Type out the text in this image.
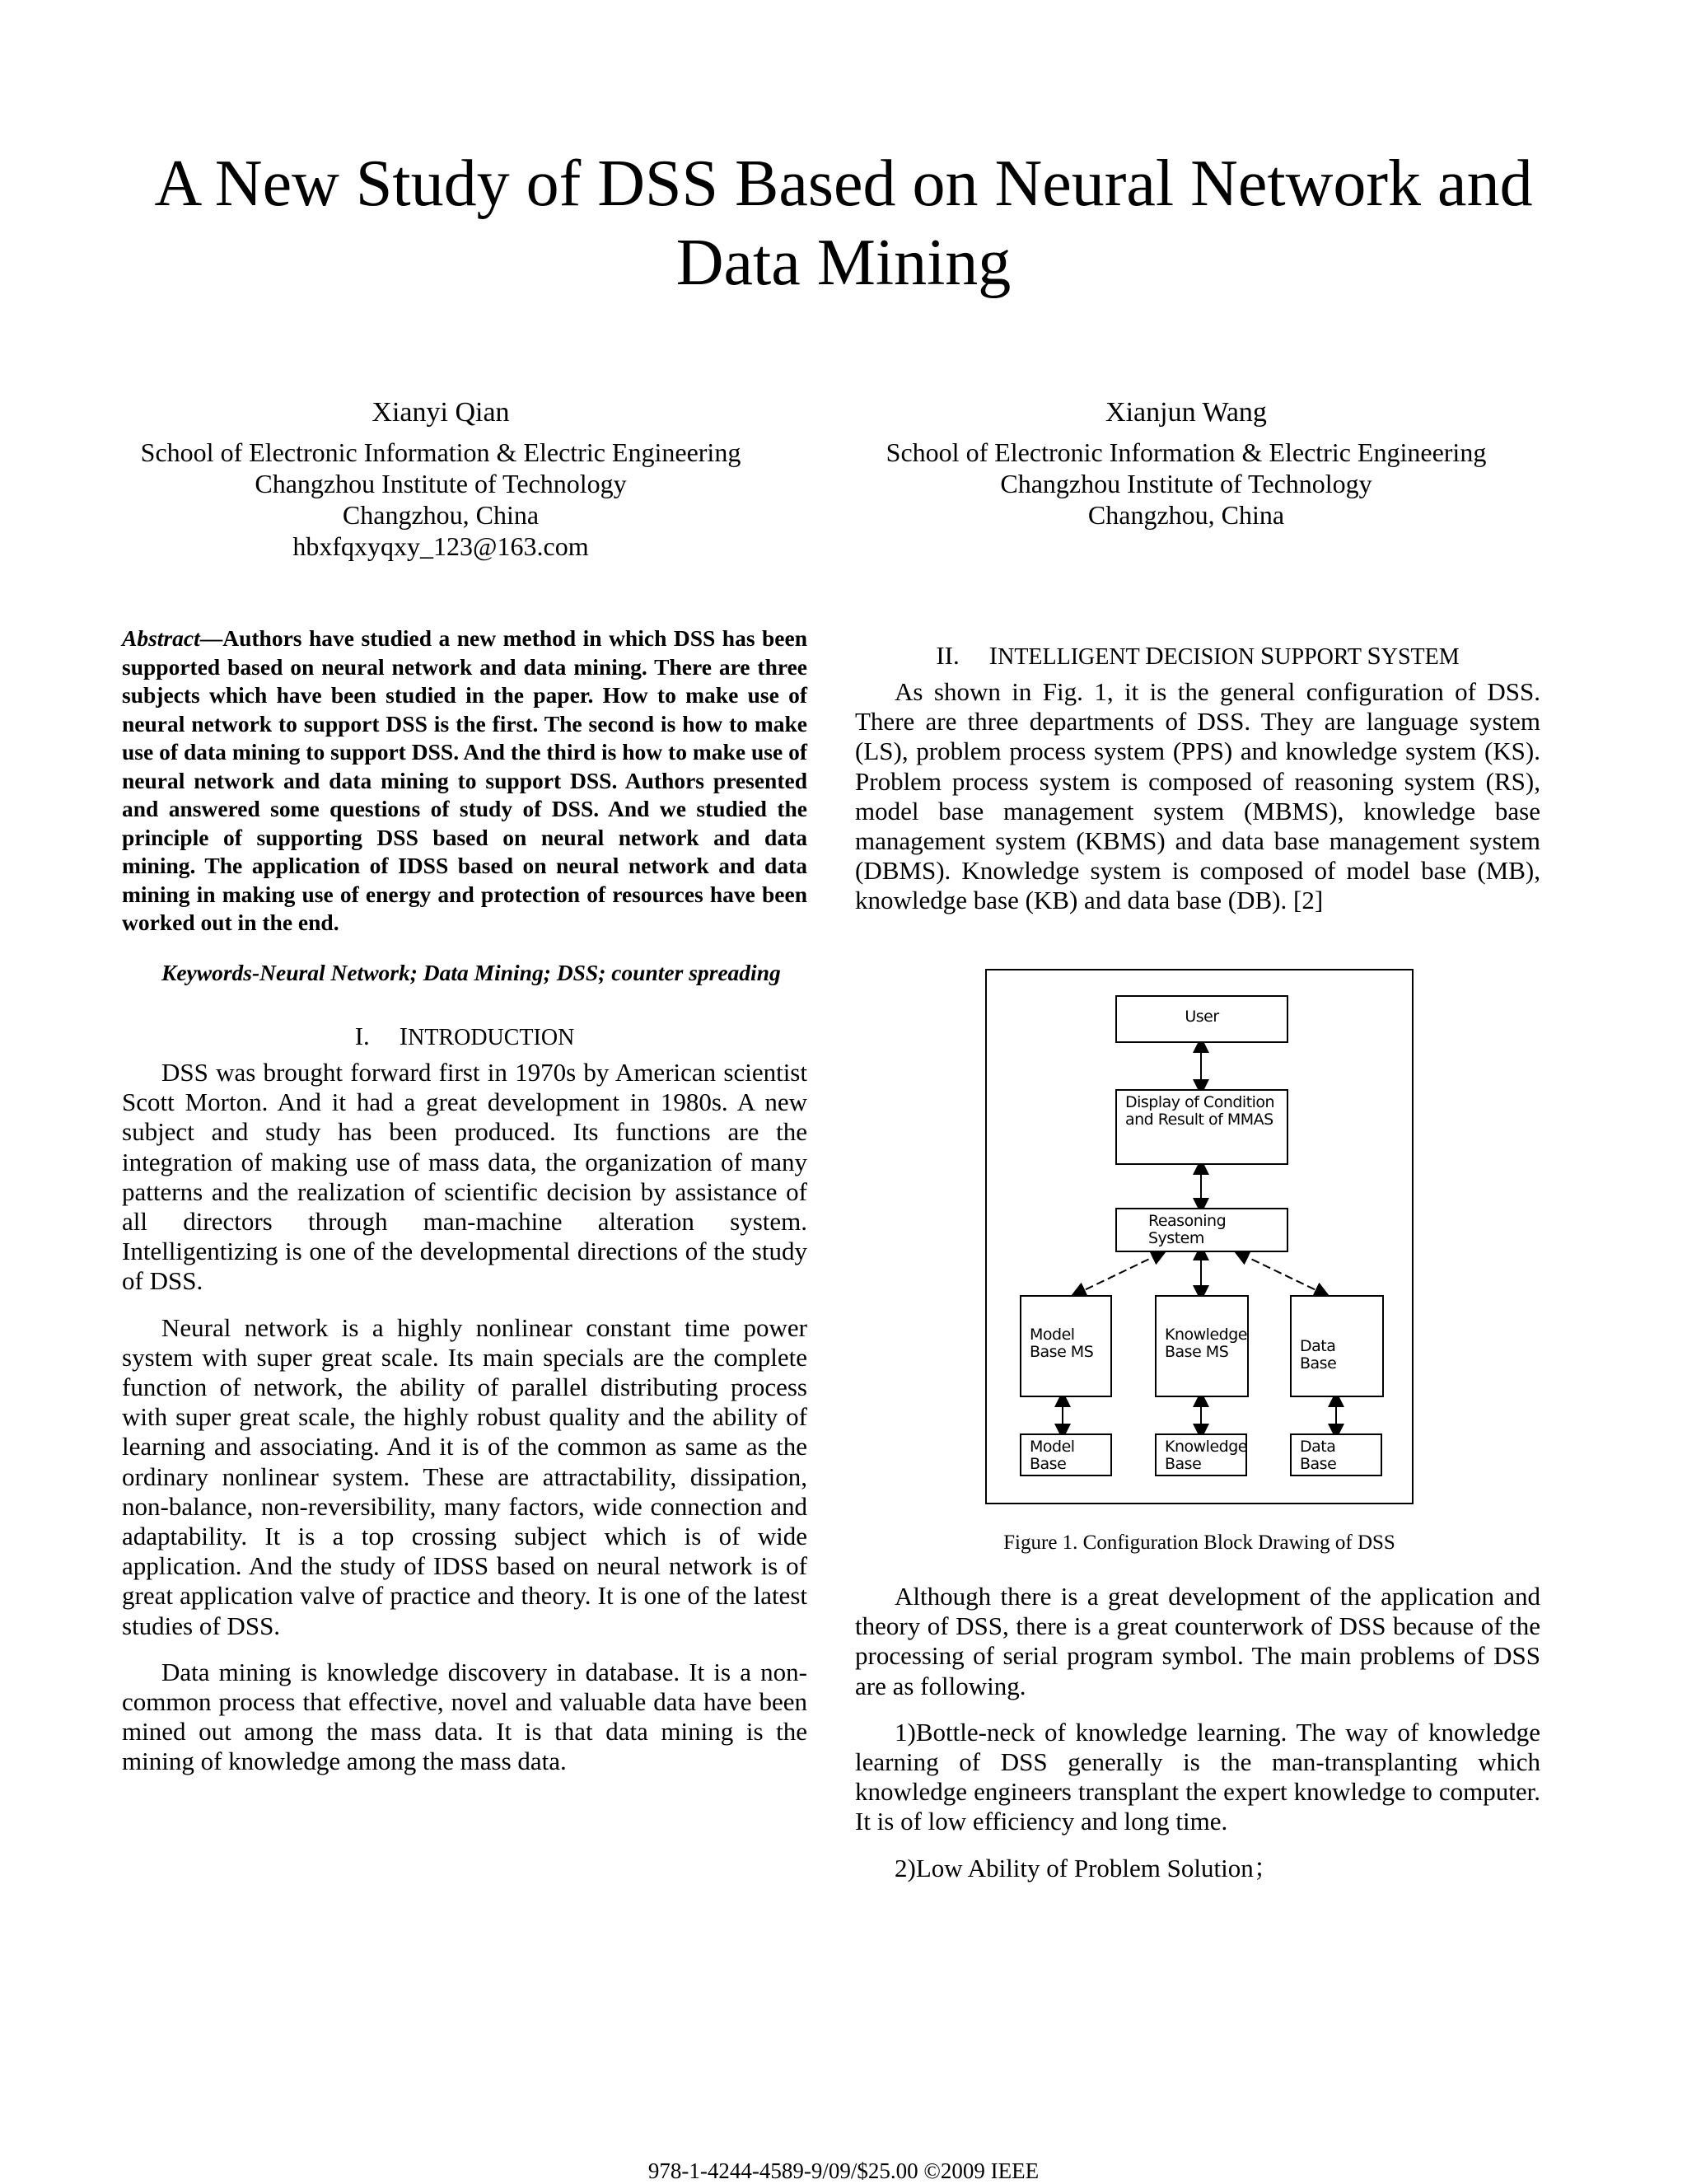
A New Study of DSS Based on Neural Network and
Data Mining
Xianyi Qian
School of Electronic Information & Electric Engineering
Changzhou Institute of Technology
Changzhou, China
hbxfqxyqxy_123@163.com
Xianjun Wang
School of Electronic Information & Electric Engineering
Changzhou Institute of Technology
Changzhou, China
Abstract—Authors have studied a new method in which DSS has been supported based on neural network and data mining. There are three subjects which have been studied in the paper. How to make use of neural network to support DSS is the first. The second is how to make use of data mining to support DSS. And the third is how to make use of neural network and data mining to support DSS. Authors presented and answered some questions of study of DSS. And we studied the principle of supporting DSS based on neural network and data mining. The application of IDSS based on neural network and data mining in making use of energy and protection of resources have been worked out in the end.
Keywords-Neural Network; Data Mining; DSS; counter spreading
I. INTRODUCTION

DSS was brought forward first in 1970s by American scientist Scott Morton. And it had a great development in 1980s. A new subject and study has been produced. Its functions are the integration of making use of mass data, the organization of many patterns and the realization of scientific decision by assistance of all directors through man-machine alteration system. Intelligentizing is one of the developmental directions of the study of DSS.

Neural network is a highly nonlinear constant time power system with super great scale. Its main specials are the complete function of network, the ability of parallel distributing process with super great scale, the highly robust quality and the ability of learning and associating. And it is of the common as same as the ordinary nonlinear system. These are attractability, dissipation, non-balance, non-reversibility, many factors, wide connection and adaptability. It is a top crossing subject which is of wide application. And the study of IDSS based on neural network is of great application valve of practice and theory. It is one of the latest studies of DSS.

Data mining is knowledge discovery in database. It is a non-common process that effective, novel and valuable data have been mined out among the mass data. It is that data mining is the mining of knowledge among the mass data.

II. INTELLIGENT DECISION SUPPORT SYSTEM

As shown in Fig. 1, it is the general configuration of DSS. There are three departments of DSS. They are language system (LS), problem process system (PPS) and knowledge system (KS). Problem process system is composed of reasoning system (RS), model base management system (MBMS), knowledge base management system (KBMS) and data base management system (DBMS). Knowledge system is composed of model base (MB), knowledge base (KB) and data base (DB). [2]

User
Display of Condition and Result of MMAS
Reasoning System
Model Base MS
Knowledge Base MS	Data Base
Model Base
Knowledge Base
Data Base
Figure 1. Configuration Block Drawing of DSS

Although there is a great development of the application and theory of DSS, there is a great counterwork of DSS because of the processing of serial program symbol. The main problems of DSS are as following.

1)Bottle-neck of knowledge learning. The way of knowledge learning of DSS generally is the man-transplanting which knowledge engineers transplant the expert knowledge to computer. It is of low efficiency and long time.

2)Low Ability of Problem Solution；

978-1-4244-4589-9/09/$25.00 ©2009 IEEE
